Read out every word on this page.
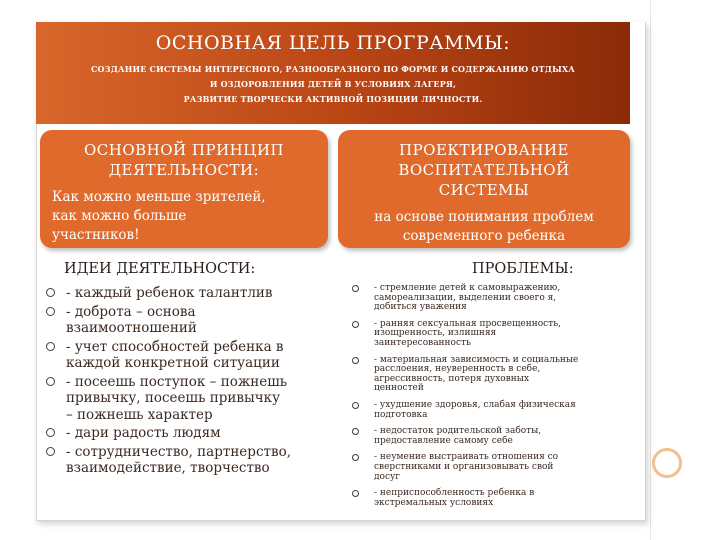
ОСНОВНАЯ ЦЕЛЬ ПРОГРАММЫ:
СОЗДАНИЕ СИСТЕМЫ ИНТЕРЕСНОГО, РАЗНООБРАЗНОГО ПО ФОРМЕ И СОДЕРЖАНИЮ ОТДЫХА
И ОЗДОРОВЛЕНИЯ ДЕТЕЙ В УСЛОВИЯХ ЛАГЕРЯ,
РАЗВИТИЕ ТВОРЧЕСКИ АКТИВНОЙ ПОЗИЦИИ ЛИЧНОСТИ.
ОСНОВНОЙ ПРИНЦИП
ДЕЯТЕЛЬНОСТИ:
Как можно меньше зрителей,
как можно больше
участников!
ПРОЕКТИРОВАНИЕ
ВОСПИТАТЕЛЬНОЙ
СИСТЕМЫ
на основе понимания проблем
современного ребенка
ИДЕИ ДЕЯТЕЛЬНОСТИ:	ПРОБЛЕМЫ:
- каждый ребенок талантлив
- доброта – основа
взаимоотношений
- учет способностей ребенка в
каждой конкретной ситуации
- посеешь поступок – пожнешь
привычку, посеешь привычку
– пожнешь характер
- дари радость людям
- сотрудничество, партнерство,
взаимодействие, творчество
- стремление детей к самовыражению,
самореализации, выделении своего я,
добиться уважения
- ранняя сексуальная просвещенность,
изощренность, излишняя
заинтересованность
- материальная зависимость и социальные
расслоения, неуверенность в себе,
агрессивность, потеря духовных
ценностей
- ухудшение здоровья, слабая физическая
подготовка
- недостаток родительской заботы,
предоставление самому себе
- неумение выстраивать отношения со
сверстниками и организовывать свой
досуг
- неприспособленность ребенка в
экстремальных условиях
